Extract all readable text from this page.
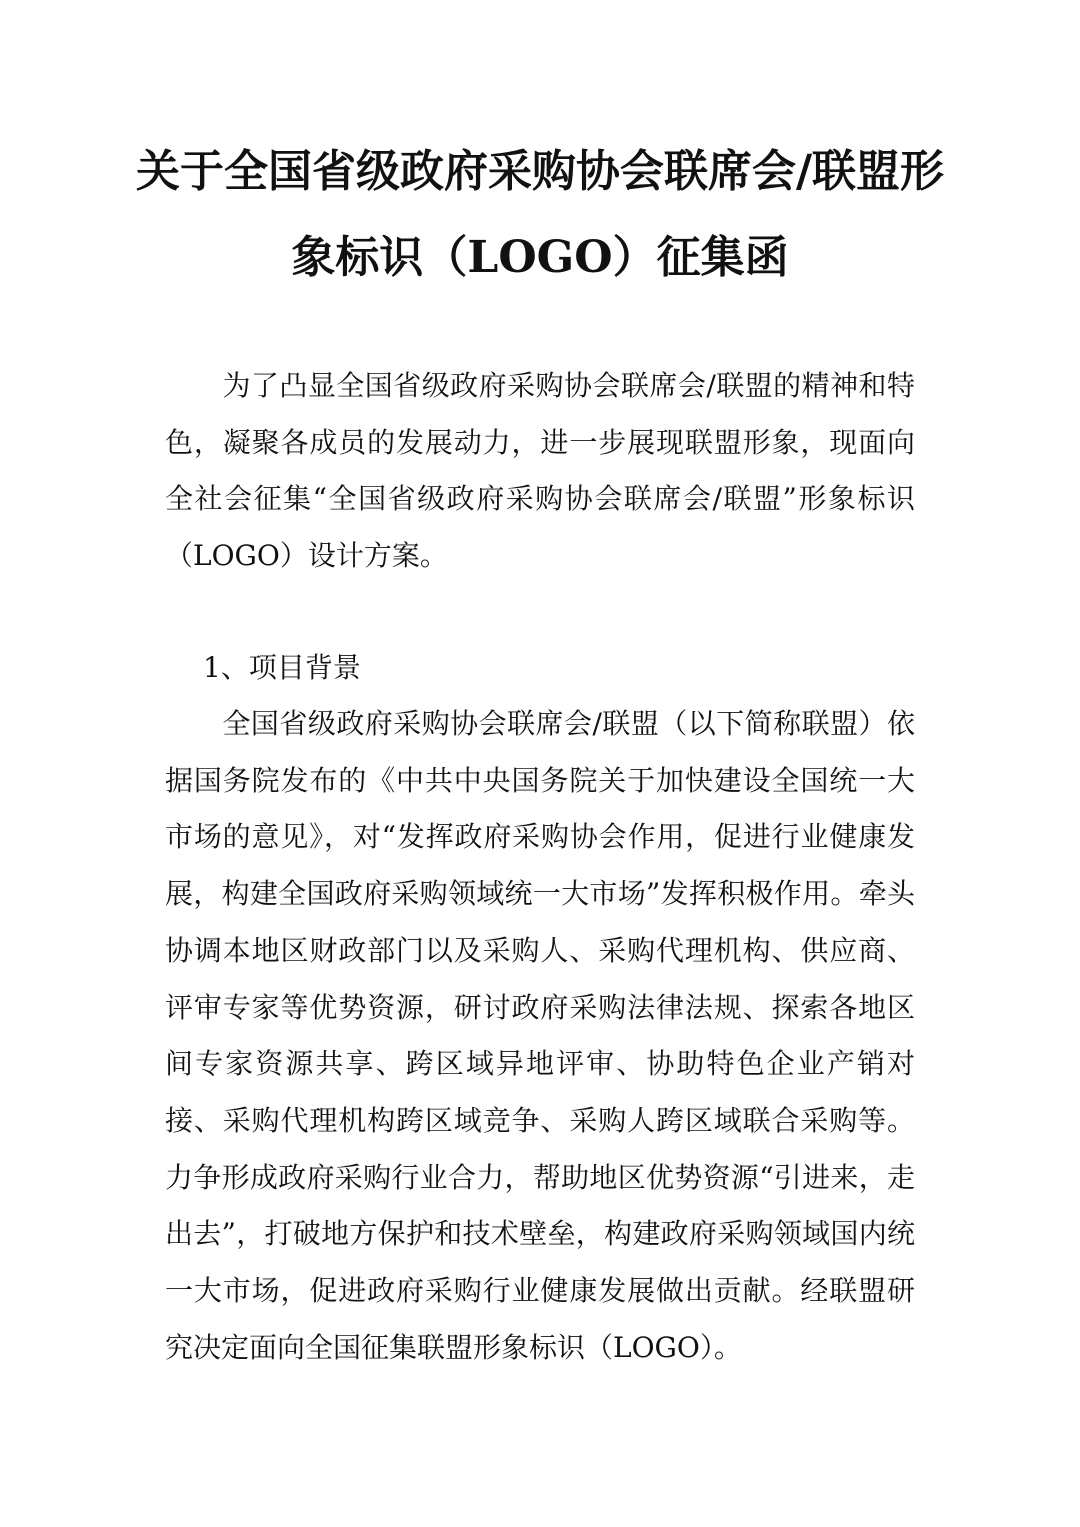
关于全国省级政府采购协会联席会/联盟形
象标识（LOGO）征集函

为了凸显全国省级政府采购协会联席会/联盟的精神和特色，凝聚各成员的发展动力，进一步展现联盟形象，现面向全社会征集“全国省级政府采购协会联席会/联盟”形象标识（LOGO）设计方案。

1、项目背景

全国省级政府采购协会联席会/联盟（以下简称联盟）依据国务院发布的《中共中央国务院关于加快建设全国统一大市场的意见》，对“发挥政府采购协会作用，促进行业健康发展，构建全国政府采购领域统一大市场”发挥积极作用。牵头协调本地区财政部门以及采购人、采购代理机构、供应商、评审专家等优势资源，研讨政府采购法律法规、探索各地区间专家资源共享、跨区域异地评审、协助特色企业产销对接、采购代理机构跨区域竞争、采购人跨区域联合采购等。力争形成政府采购行业合力，帮助地区优势资源“引进来，走出去”，打破地方保护和技术壁垒，构建政府采购领域国内统一大市场，促进政府采购行业健康发展做出贡献。经联盟研究决定面向全国征集联盟形象标识（LOGO）。
